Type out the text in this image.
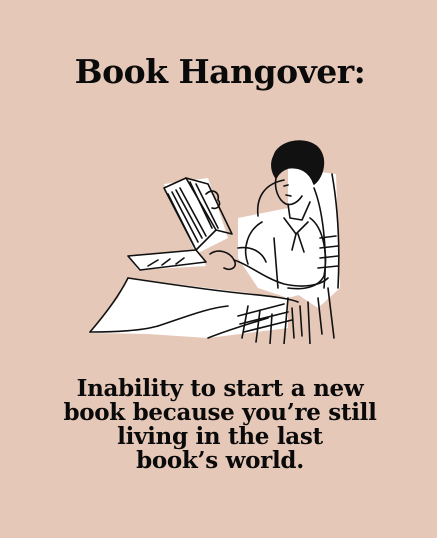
Book Hangover:
Inability to start a new
book because you’re still
living in the last
book’s world.
